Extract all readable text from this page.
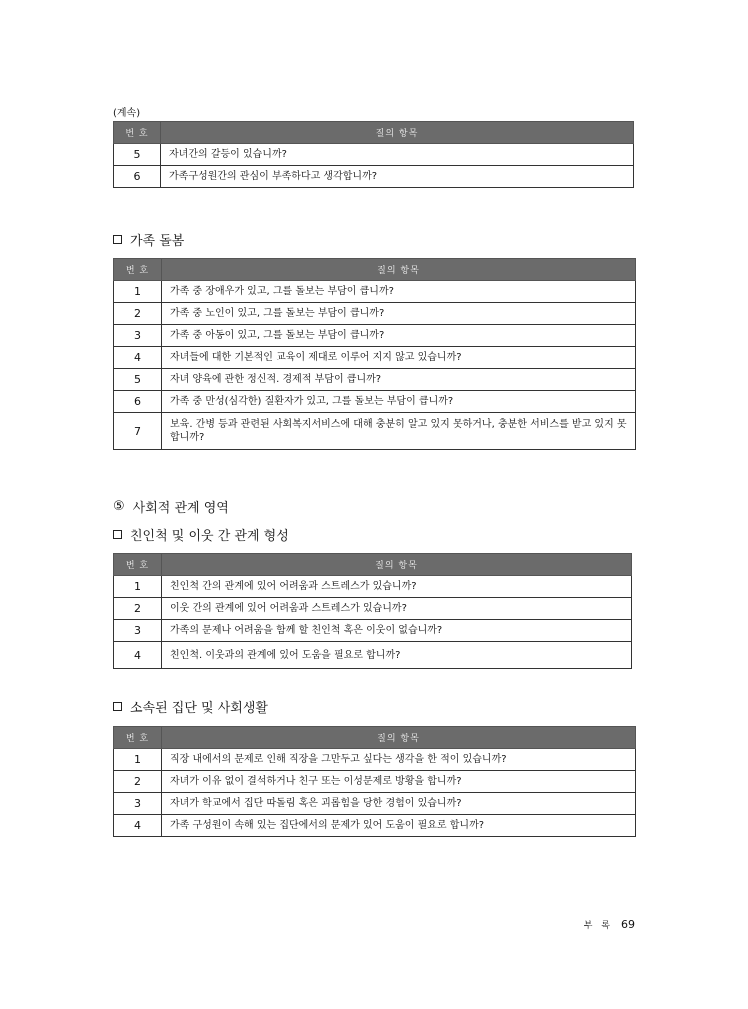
(계속)
번 호	질의 항목
5	자녀간의 갈등이 있습니까?
6	가족구성원간의 관심이 부족하다고 생각합니까?
가족 돌봄
번 호	질의 항목
1	가족 중 장애우가 있고, 그를 돌보는 부담이 큽니까?
2	가족 중 노인이 있고, 그를 돌보는 부담이 큽니까?
3	가족 중 아동이 있고, 그를 돌보는 부담이 큽니까?
4	자녀들에 대한 기본적인 교육이 제대로 이루어 지지 않고 있습니까?
5	자녀 양육에 관한 정신적. 경제적 부담이 큽니까?
6	가족 중 만성(심각한) 질환자가 있고, 그를 돌보는 부담이 큽니까?
7	보육. 간병 등과 관련된 사회복지서비스에 대해 충분히 알고 있지 못하거나, 충분한 서비스를 받고 있지 못합니까?
⑤ 사회적 관계 영역
친인척 및 이웃 간 관계 형성
번 호	질의 항목
1	친인척 간의 관계에 있어 어려움과 스트레스가 있습니까?
2	이웃 간의 관계에 있어 어려움과 스트레스가 있습니까?
3	가족의 문제나 어려움을 함께 할 친인척 혹은 이웃이 없습니까?
4	친인척. 이웃과의 관계에 있어 도움을 필요로 합니까?
소속된 집단 및 사회생활
번 호	질의 항목
1	직장 내에서의 문제로 인해 직장을 그만두고 싶다는 생각을 한 적이 있습니까?
2	자녀가 이유 없이 결석하거나 친구 또는 이성문제로 방황을 합니까?
3	자녀가 학교에서 집단 따돌림 혹은 괴롭힘을 당한 경험이 있습니까?
4	가족 구성원이 속해 있는 집단에서의 문제가 있어 도움이 필요로 합니까?
부 록 69
